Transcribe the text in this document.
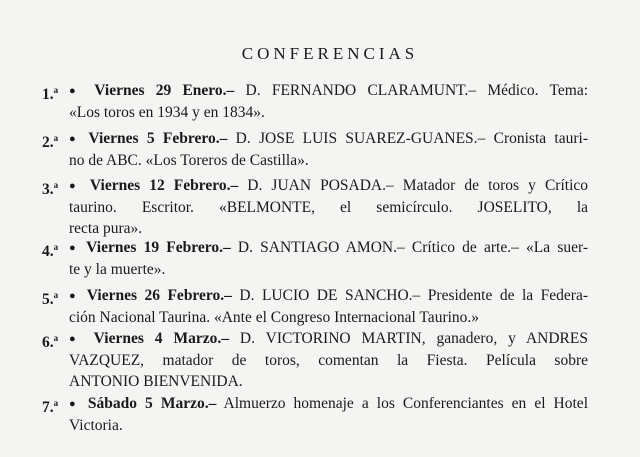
CONFERENCIAS
1.$^a$ ● Viernes 29 Enero.– D. FERNANDO CLARAMUNT.– Médico. Tema:
«Los toros en 1934 y en 1834».
2.$^a$ ● Viernes 5 Febrero.– D. JOSE LUIS SUAREZ-GUANES.– Cronista tauri-
no de ABC. «Los Toreros de Castilla».
3.$^a$ ● Viernes 12 Febrero.– D. JUAN POSADA.– Matador de toros y Crítico
taurino. Escritor. «BELMONTE, el semicírculo. JOSELITO, la
recta pura».
4.$^a$ ● Viernes 19 Febrero.– D. SANTIAGO AMON.– Crítico de arte.– «La suer-
te y la muerte».
5.$^a$ ● Viernes 26 Febrero.– D. LUCIO DE SANCHO.– Presidente de la Federa-
ción Nacional Taurina. «Ante el Congreso Internacional Taurino.»
6.$^a$ ● Viernes 4 Marzo.– D. VICTORINO MARTIN, ganadero, y ANDRES
VAZQUEZ, matador de toros, comentan la Fiesta. Película sobre
ANTONIO BIENVENIDA.
7.$^a$ ● Sábado 5 Marzo.– Almuerzo homenaje a los Conferenciantes en el Hotel
Victoria.
